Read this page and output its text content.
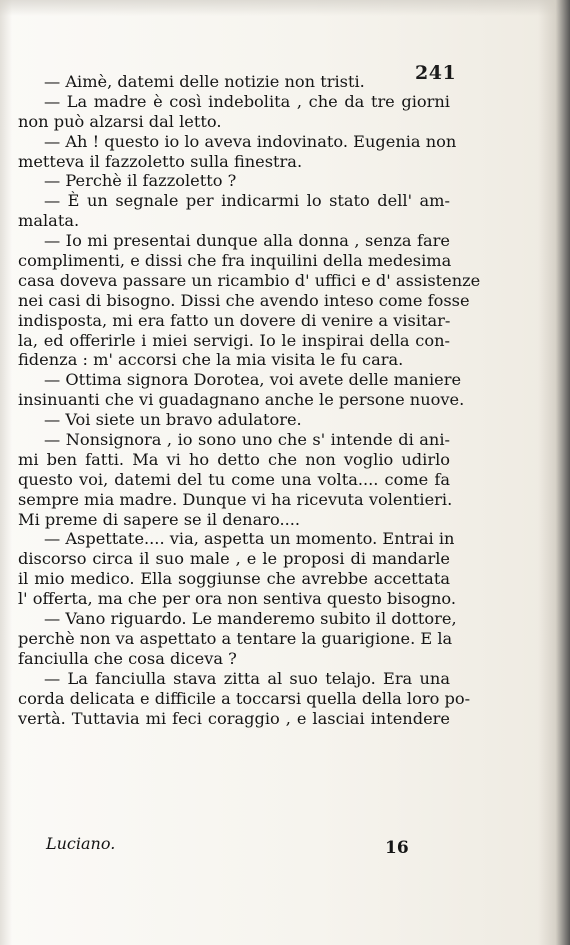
241
— Aimè, datemi delle notizie non tristi.
— La madre è così indebolita , che da tre giorni
non può alzarsi dal letto.
— Ah ! questo io lo aveva indovinato. Eugenia non
metteva il fazzoletto sulla finestra.
— Perchè il fazzoletto ?
— È un segnale per indicarmi lo stato dell' am-
malata.
— Io mi presentai dunque alla donna , senza fare
complimenti, e dissi che fra inquilini della medesima
casa doveva passare un ricambio d' uffici e d' assistenze
nei casi di bisogno. Dissi che avendo inteso come fosse
indisposta, mi era fatto un dovere di venire a visitar-
la, ed offerirle i miei servigi. Io le inspirai della con-
fidenza : m' accorsi che la mia visita le fu cara.
— Ottima signora Dorotea, voi avete delle maniere
insinuanti che vi guadagnano anche le persone nuove.
— Voi siete un bravo adulatore.
— Nonsignora , io sono uno che s' intende di ani-
mi ben fatti. Ma vi ho detto che non voglio udirlo
questo voi, datemi del tu come una volta.... come fa
sempre mia madre. Dunque vi ha ricevuta volentieri.
Mi preme di sapere se il denaro....
— Aspettate.... via, aspetta un momento. Entrai in
discorso circa il suo male , e le proposi di mandarle
il mio medico. Ella soggiunse che avrebbe accettata
l' offerta, ma che per ora non sentiva questo bisogno.
— Vano riguardo. Le manderemo subito il dottore,
perchè non va aspettato a tentare la guarigione. E la
fanciulla che cosa diceva ?
— La fanciulla stava zitta al suo telajo. Era una
corda delicata e difficile a toccarsi quella della loro po-
vertà. Tuttavia mi feci coraggio , e lasciai intendere
Luciano.	16
